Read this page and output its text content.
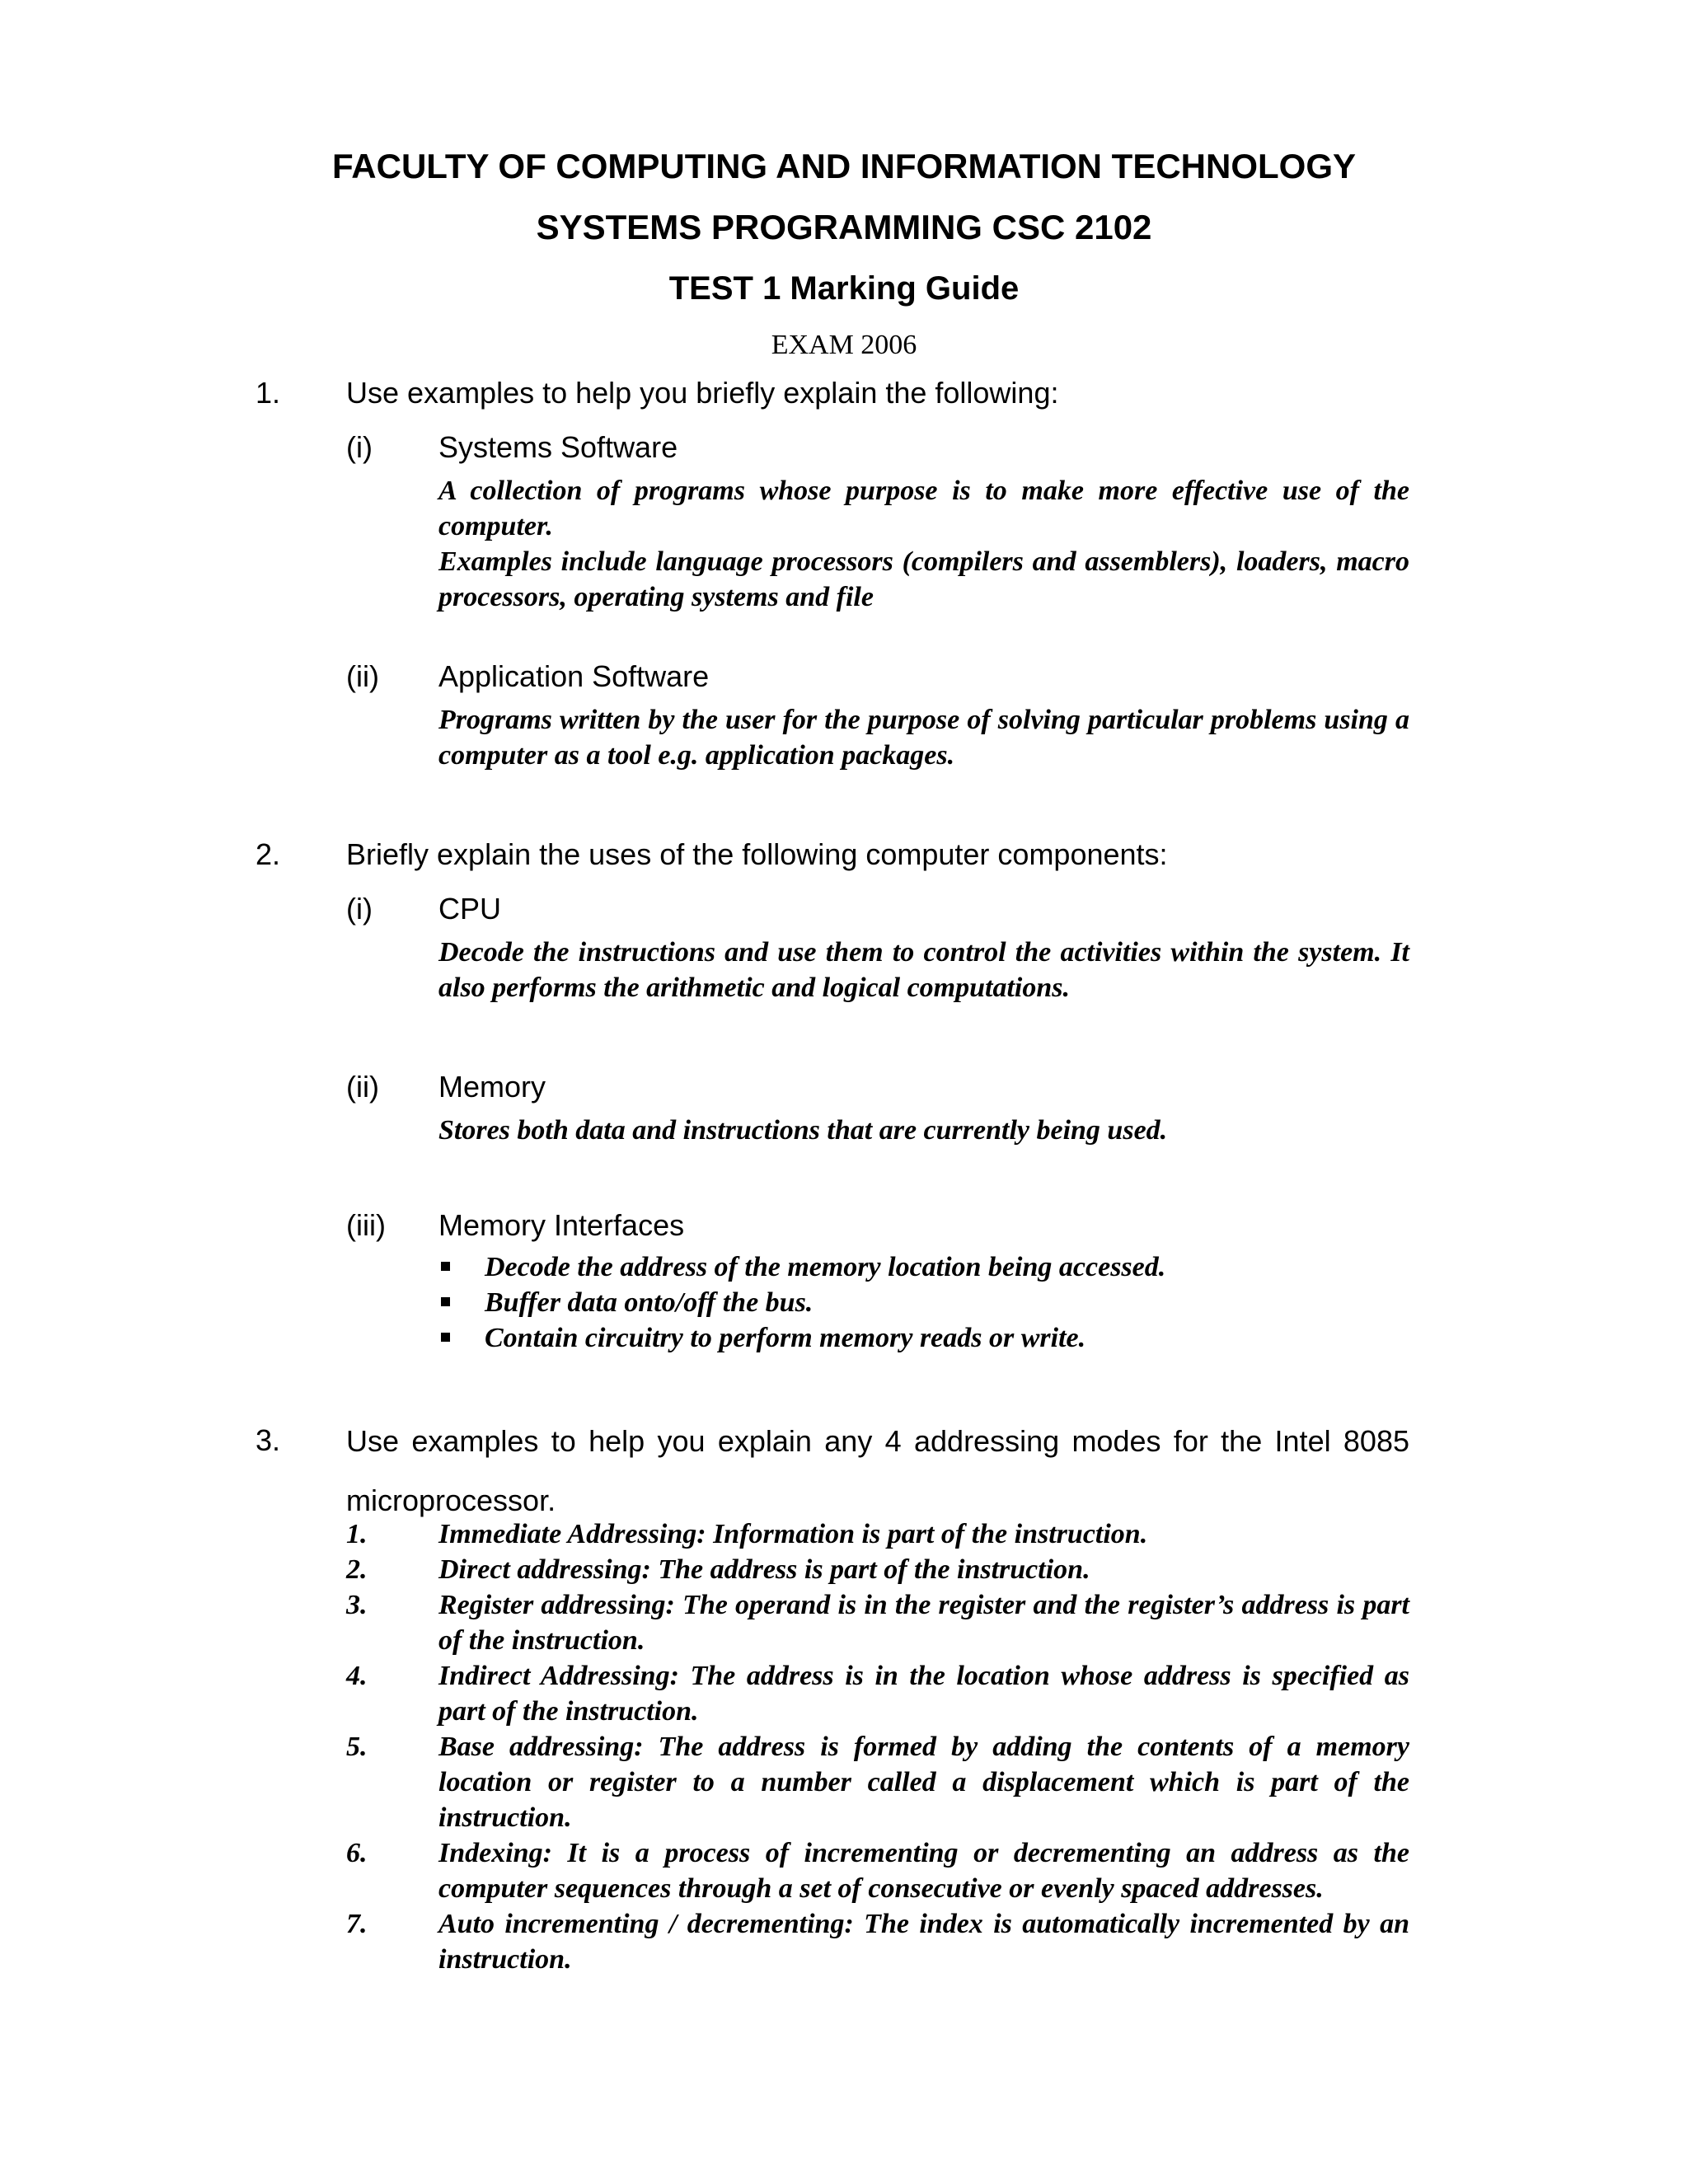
FACULTY OF COMPUTING AND INFORMATION TECHNOLOGY
SYSTEMS PROGRAMMING CSC 2102
TEST 1 Marking Guide
EXAM 2006
1. Use examples to help you briefly explain the following:
(i) Systems Software

A collection of programs whose purpose is to make more effective use of the computer.

Examples include language processors (compilers and assemblers), loaders, macro processors, operating systems and file

(ii) Application Software

Programs written by the user for the purpose of solving particular problems using a computer as a tool e.g. application packages.

2. Briefly explain the uses of the following computer components:
(i) CPU

Decode the instructions and use them to control the activities within the system. It also performs the arithmetic and logical computations.

(ii) Memory

Stores both data and instructions that are currently being used.

(iii) Memory Interfaces
Decode the address of the memory location being accessed.
Buffer data onto/off the bus.
Contain circuitry to perform memory reads or write.
3. Use examples to help you explain any 4 addressing modes for the Intel 8085 microprocessor.
1.	Immediate Addressing: Information is part of the instruction.
2.	Direct addressing: The address is part of the instruction.
3.	Register addressing: The operand is in the register and the register’s address is part of the instruction.
4.	Indirect Addressing: The address is in the location whose address is specified as part of the instruction.
5.	Base addressing: The address is formed by adding the contents of a memory location or register to a number called a displacement which is part of the instruction.
6.	Indexing: It is a process of incrementing or decrementing an address as the computer sequences through a set of consecutive or evenly spaced addresses.
7.	Auto incrementing / decrementing: The index is automatically incremented by an instruction.
